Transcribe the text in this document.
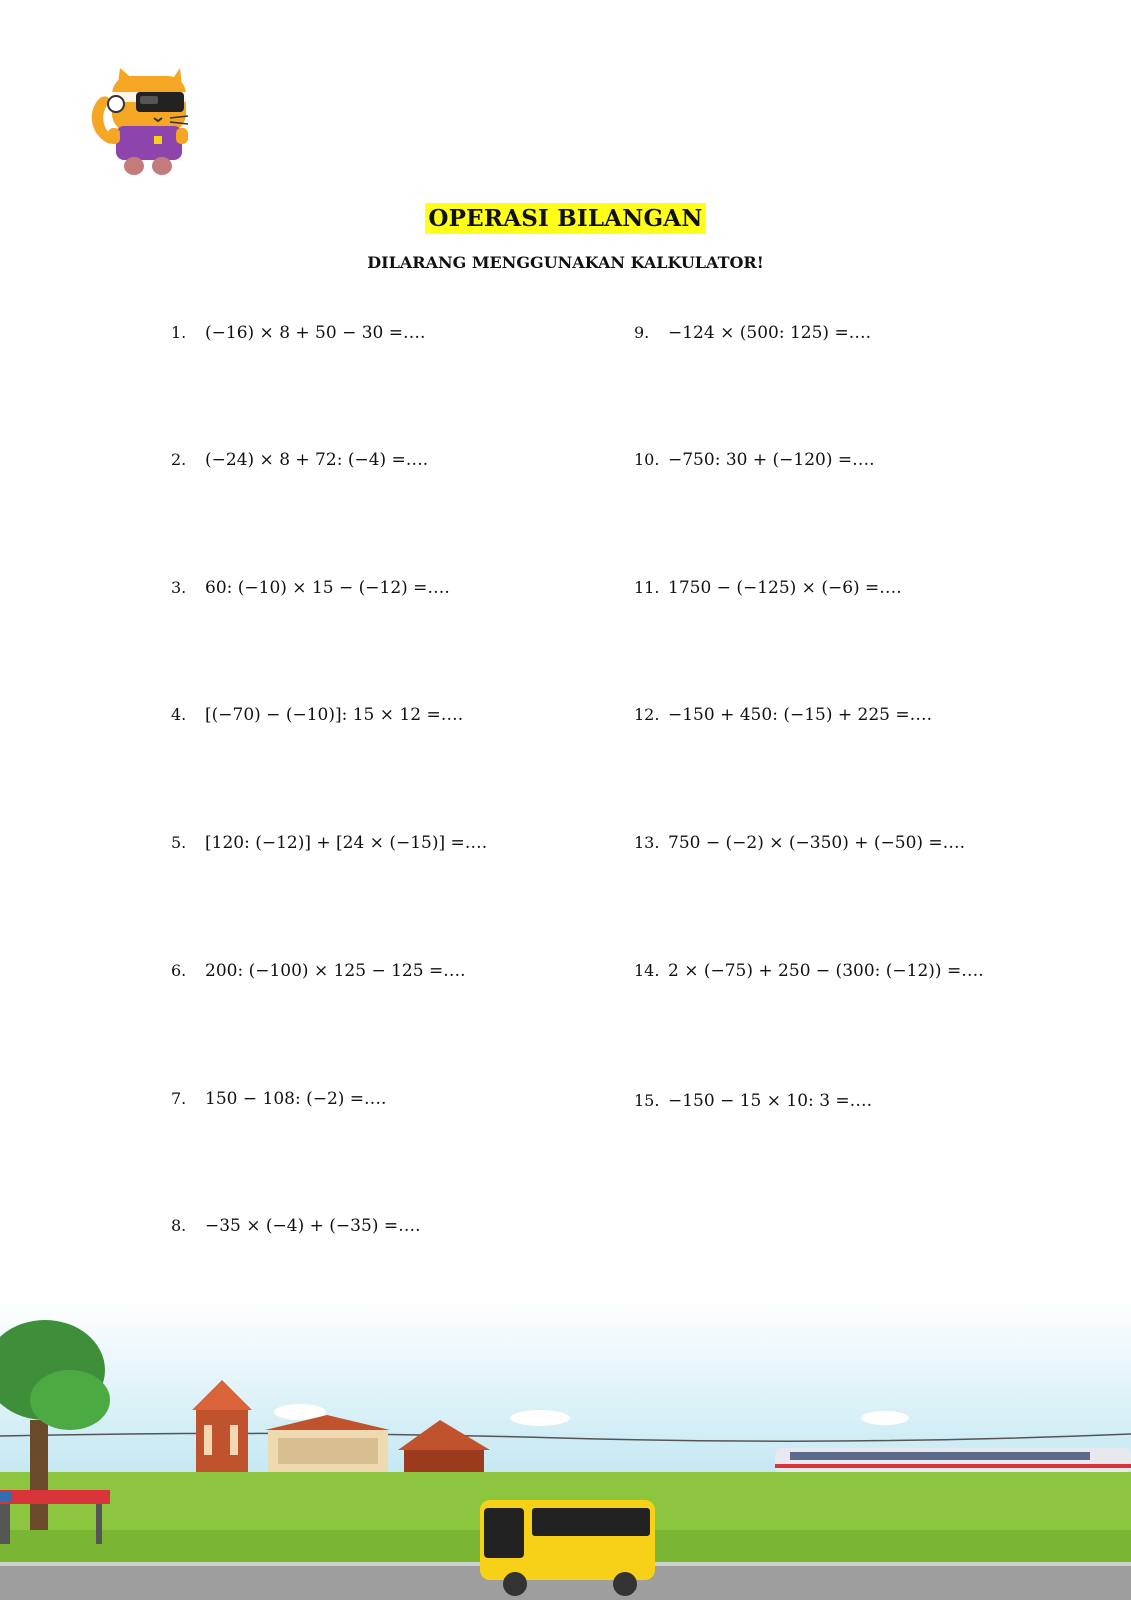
OPERASI BILANGAN
DILARANG MENGGUNAKAN KALKULATOR!
1. (−16) × 8 + 50 − 30 =….
2. (−24) × 8 + 72: (−4) =….
3. 60: (−10) × 15 − (−12) =….
4. [(−70) − (−10)]: 15 × 12 =….
5. [120: (−12)] + [24 × (−15)] =….
6. 200: (−100) × 125 − 125 =….
7. 150 − 108: (−2) =….
8. −35 × (−4) + (−35) =….
9. −124 × (500: 125) =….
10. −750: 30 + (−120) =….
11. 1750 − (−125) × (−6) =….
12. −150 + 450: (−15) + 225 =….
13. 750 − (−2) × (−350) + (−50) =….
14. 2 × (−75) + 250 − (300: (−12)) =….
15. −150 − 15 × 10: 3 =….
